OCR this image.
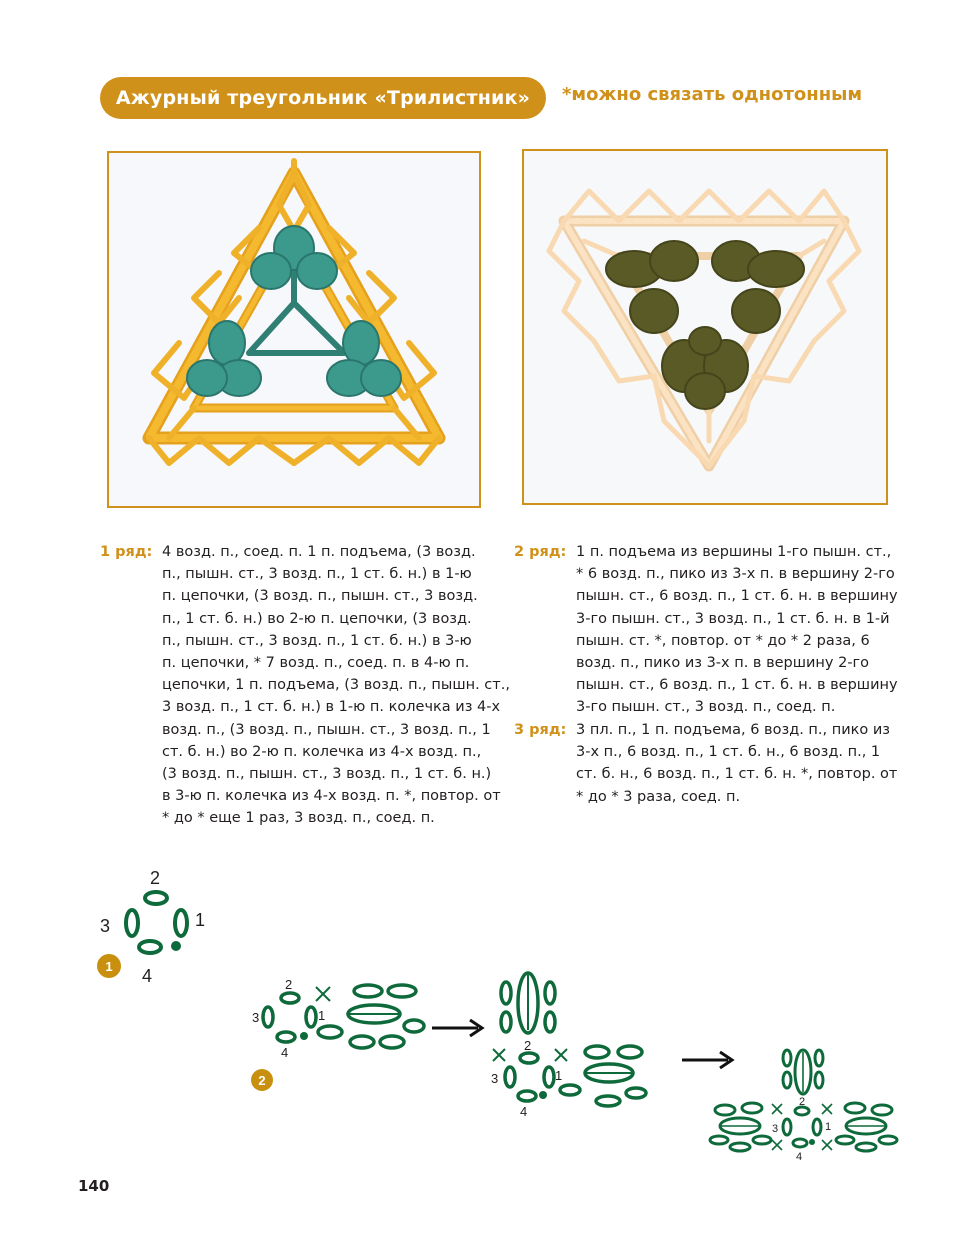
Ажурный треугольник «Трилистник» *можно связать однотонным
1 ряд: 4 возд. п., соед. п. 1 п. подъема, (3 возд.
п., пышн. ст., 3 возд. п., 1 ст. б. н.) в 1-ю
п. цепочки, (3 возд. п., пышн. ст., 3 возд.
п., 1 ст. б. н.) во 2-ю п. цепочки, (3 возд.
п., пышн. ст., 3 возд. п., 1 ст. б. н.) в 3-ю
п. цепочки, * 7 возд. п., соед. п. в 4-ю п.
цепочки, 1 п. подъема, (3 возд. п., пышн. ст.,
3 возд. п., 1 ст. б. н.) в 1-ю п. колечка из 4-х
возд. п., (3 возд. п., пышн. ст., 3 возд. п., 1
ст. б. н.) во 2-ю п. колечка из 4-х возд. п.,
(3 возд. п., пышн. ст., 3 возд. п., 1 ст. б. н.)
в 3-ю п. колечка из 4-х возд. п. *, повтор. от
* до * еще 1 раз, 3 возд. п., соед. п.
2 ряд: 1 п. подъема из вершины 1-го пышн. ст.,
* 6 возд. п., пико из 3-х п. в вершину 2-го
пышн. ст., 6 возд. п., 1 ст. б. н. в вершину
3-го пышн. ст., 3 возд. п., 1 ст. б. н. в 1-й
пышн. ст. *, повтор. от * до * 2 раза, 6
возд. п., пико из 3-х п. в вершину 2-го
пышн. ст., 6 возд. п., 1 ст. б. н. в вершину
3-го пышн. ст., 3 возд. п., соед. п.
3 ряд: 3 пл. п., 1 п. подъема, 6 возд. п., пико из
3-х п., 6 возд. п., 1 ст. б. н., 6 возд. п., 1
ст. б. н., 6 возд. п., 1 ст. б. н. *, повтор. от
* до * 3 раза, соед. п.
2
3	1
4
1
2
3	1
4
2
2
3	1
4
2
3	1
4
140
